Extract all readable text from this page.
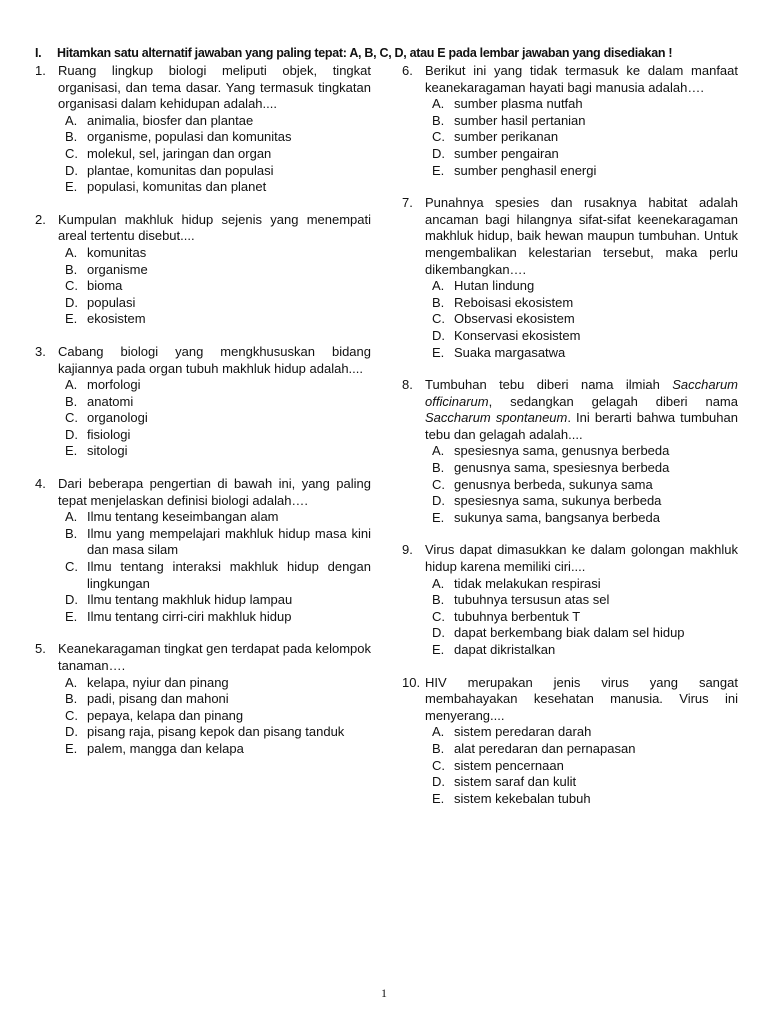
I. Hitamkan satu alternatif jawaban yang paling tepat: A, B, C, D, atau E pada lembar jawaban yang disediakan !
1. Ruang lingkup biologi meliputi objek, tingkat organisasi, dan tema dasar. Yang termasuk tingkatan organisasi dalam kehidupan adalah....
A. animalia, biosfer dan plantae
B. organisme, populasi dan komunitas
C. molekul, sel, jaringan dan organ
D. plantae, komunitas dan populasi
E. populasi, komunitas dan planet
2. Kumpulan makhluk hidup sejenis yang menempati areal tertentu disebut....
A. komunitas
B. organisme
C. bioma
D. populasi
E. ekosistem
3. Cabang biologi yang mengkhususkan bidang kajiannya pada organ tubuh makhluk hidup adalah....
A. morfologi
B. anatomi
C. organologi
D. fisiologi
E. sitologi
4. Dari beberapa pengertian di bawah ini, yang paling tepat menjelaskan definisi biologi adalah….
A. Ilmu tentang keseimbangan alam
B. Ilmu yang mempelajari makhluk hidup masa kini dan masa silam
C. Ilmu tentang interaksi makhluk hidup dengan lingkungan
D. Ilmu tentang makhluk hidup lampau
E. Ilmu tentang cirri-ciri makhluk hidup
5. Keanekaragaman tingkat gen terdapat pada kelompok tanaman….
A. kelapa, nyiur dan pinang
B. padi, pisang dan mahoni
C. pepaya, kelapa dan pinang
D. pisang raja, pisang kepok dan pisang tanduk
E. palem, mangga dan kelapa
6. Berikut ini yang tidak termasuk ke dalam manfaat keanekaragaman hayati bagi manusia adalah….
A. sumber plasma nutfah
B. sumber hasil pertanian
C. sumber perikanan
D. sumber pengairan
E. sumber penghasil energi
7. Punahnya spesies dan rusaknya habitat adalah ancaman bagi hilangnya sifat-sifat keenekaragaman makhluk hidup, baik hewan maupun tumbuhan. Untuk mengembalikan kelestarian tersebut, maka perlu dikembangkan….
A. Hutan lindung
B. Reboisasi ekosistem
C. Observasi ekosistem
D. Konservasi ekosistem
E. Suaka margasatwa
8. Tumbuhan tebu diberi nama ilmiah Saccharum officinarum, sedangkan gelagah diberi nama Saccharum spontaneum. Ini berarti bahwa tumbuhan tebu dan gelagah adalah....
A. spesiesnya sama, genusnya berbeda
B. genusnya sama, spesiesnya berbeda
C. genusnya berbeda, sukunya sama
D. spesiesnya sama, sukunya berbeda
E. sukunya sama, bangsanya berbeda
9. Virus dapat dimasukkan ke dalam golongan makhluk hidup karena memiliki ciri....
A. tidak melakukan respirasi
B. tubuhnya tersusun atas sel
C. tubuhnya berbentuk T
D. dapat berkembang biak dalam sel hidup
E. dapat dikristalkan
10. HIV merupakan jenis virus yang sangat membahayakan kesehatan manusia. Virus ini menyerang....
A. sistem peredaran darah
B. alat peredaran dan pernapasan
C. sistem pencernaan
D. sistem saraf dan kulit
E. sistem kekebalan tubuh
1
